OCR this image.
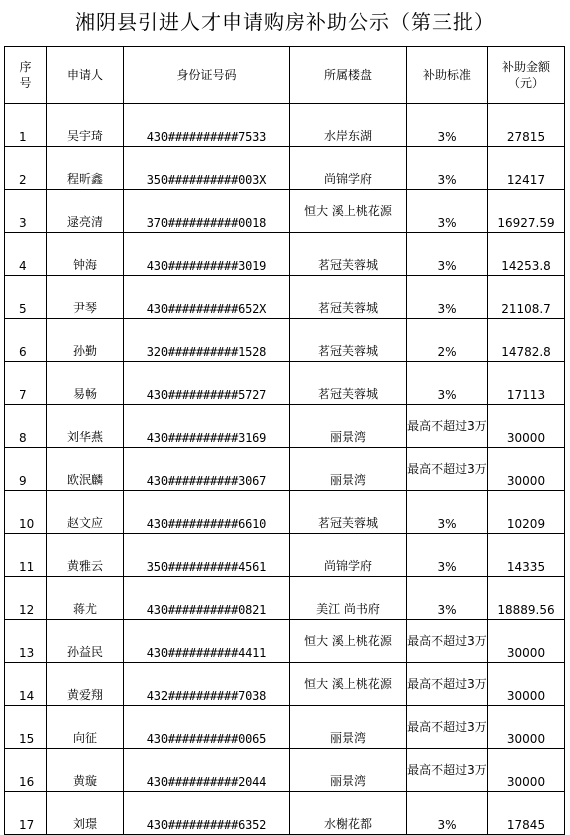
湘阴县引进人才申请购房补助公示（第三批）
序号	申请人	身份证号码	所属楼盘	补助标准	补助金额（元）
1	吴宇琦	430##########7533	水岸东湖	3%	27815
2	程昕鑫	350##########003X	尚锦学府	3%	12417
3	逯亮清	370##########0018	恒大 溪上桃花源	3%	16927.59
4	钟海	430##########3019	茗冠芙蓉城	3%	14253.8
5	尹琴	430##########652X	茗冠芙蓉城	3%	21108.7
6	孙勤	320##########1528	茗冠芙蓉城	2%	14782.8
7	易畅	430##########5727	茗冠芙蓉城	3%	17113
8	刘华燕	430##########3169	丽景湾	最高不超过3万	30000
9	欧泯麟	430##########3067	丽景湾	最高不超过3万	30000
10	赵文应	430##########6610	茗冠芙蓉城	3%	10209
11	黄雅云	350##########4561	尚锦学府	3%	14335
12	蒋尤	430##########0821	美江 尚书府	3%	18889.56
13	孙益民	430##########4411	恒大 溪上桃花源	最高不超过3万	30000
14	黄爱翔	432##########7038	恒大 溪上桃花源	最高不超过3万	30000
15	向征	430##########0065	丽景湾	最高不超过3万	30000
16	黄璇	430##########2044	丽景湾	最高不超过3万	30000
17	刘璟	430##########6352	水榭花都	3%	17845
